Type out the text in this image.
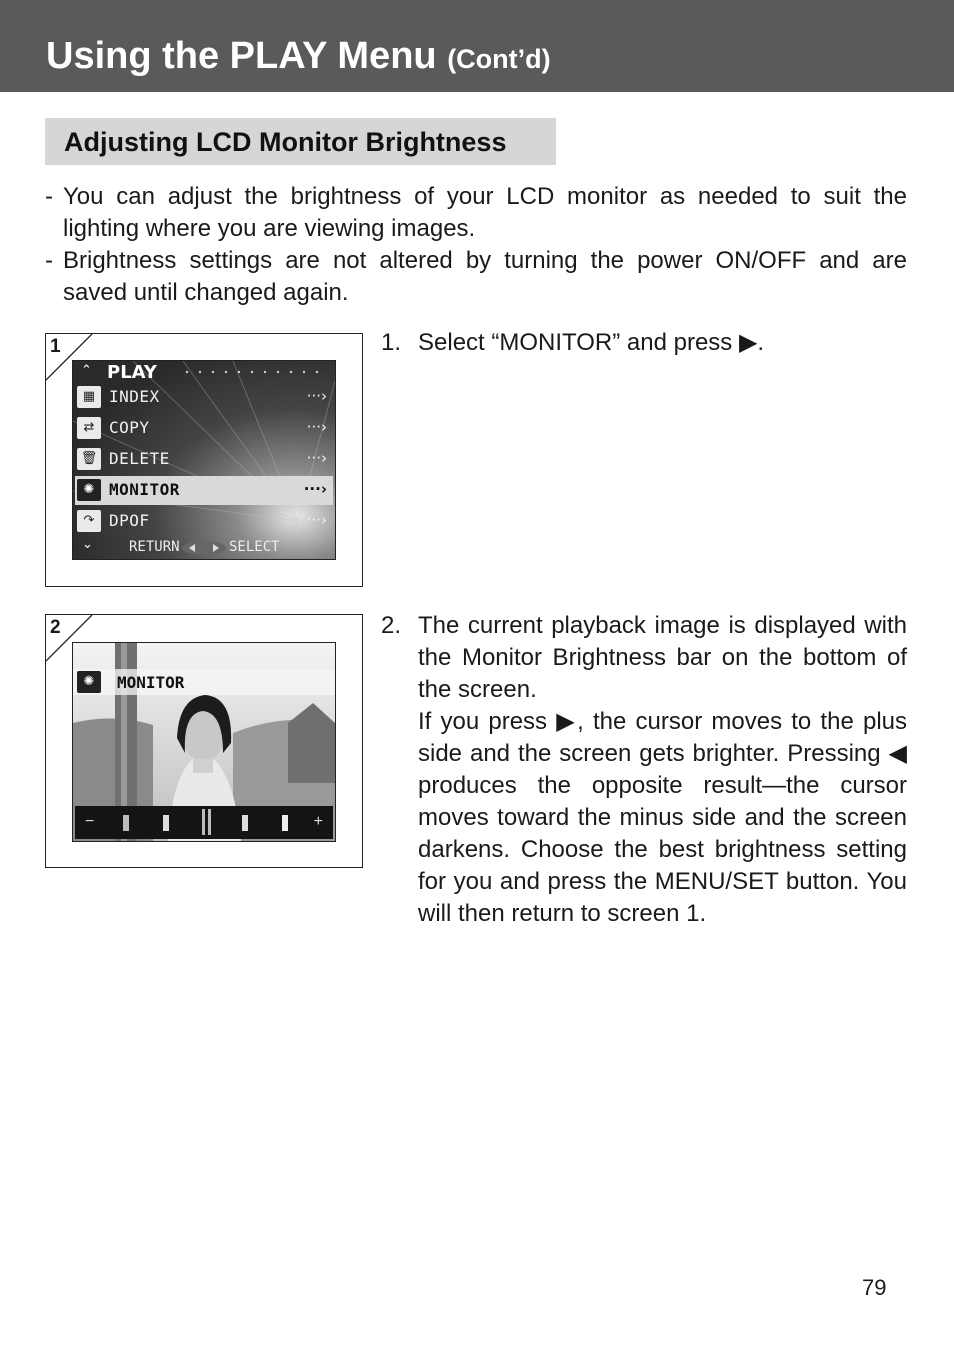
Using the PLAY Menu (Cont’d)
Adjusting LCD Monitor Brightness
- You can adjust the brightness of your LCD monitor as needed to suit the lighting where you are viewing images.
- Brightness settings are not altered by turning the power ON/OFF and are saved until changed again.
1
⌃ PLAY
▦ INDEX	···›
⇄ COPY	···›
🗑 DELETE	···›
✺ MONITOR	···›
↷ DPOF	···›
⌄	RETURN	SELECT
2
✺	MONITOR
−	+
1. Select “MONITOR” and press ▶.
2. The current playback image is displayed with the Monitor Brightness bar on the bottom of the screen.
If you press ▶, the cursor moves to the plus side and the screen gets brighter. Pressing ◀ produces the opposite result—the cursor moves toward the minus side and the screen darkens. Choose the best brightness setting for you and press the MENU/SET button. You will then return to screen 1.
79
